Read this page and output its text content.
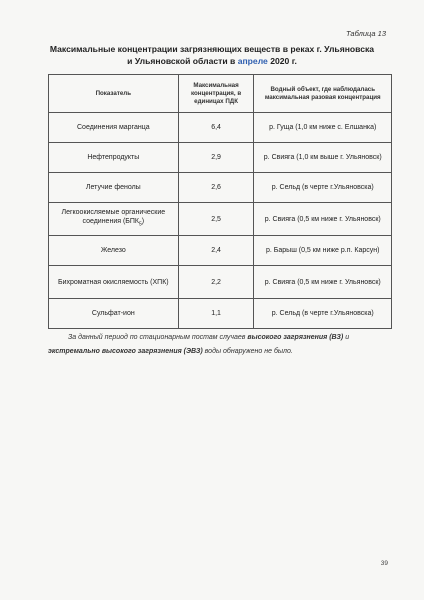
Таблица 13
Максимальные концентрации загрязняющих веществ в реках г. Ульяновска
и Ульяновской области в апреле 2020 г.
Показатель	Максимальная концентрация, в единицах ПДК	Водный объект, где наблюдалась максимальная разовая концентрация
Соединения марганца	6,4	р. Гуща (1,0 км ниже с. Елшанка)
Нефтепродукты	2,9	р. Свияга (1,0 км выше г. Ульяновск)
Летучие фенолы	2,6	р. Сельд (в черте г.Ульяновска)
Легкоокисляемые органические соединения $(БПК_5)$	2,5	р. Свияга (0,5 км ниже г. Ульяновск)
Железо	2,4	р. Барыш (0,5 км ниже р.п. Карсун)
Бихроматная окисляемость (ХПК)	2,2	р. Свияга (0,5 км ниже г. Ульяновск)
Сульфат-ион	1,1	р. Сельд (в черте г.Ульяновска)
За данный период по стационарным постам случаев высокого загрязнения (ВЗ) и экстремально высокого загрязнения (ЭВЗ) воды обнаружено не было.
39
